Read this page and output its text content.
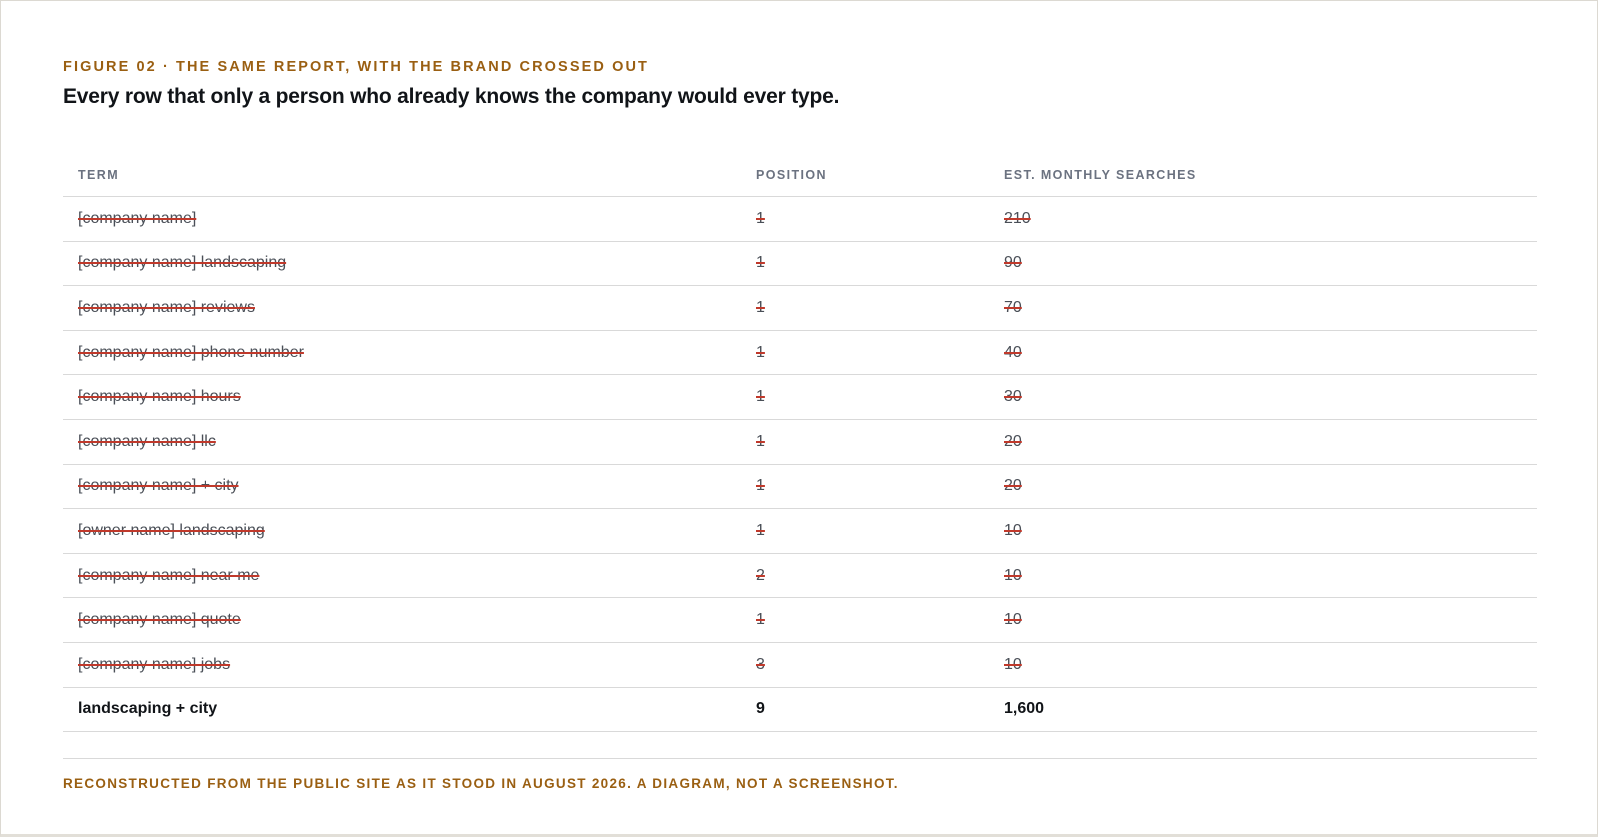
FIGURE 02 · THE SAME REPORT, WITH THE BRAND CROSSED OUT

Every row that only a person who already knows the company would ever type.
TERM	POSITION	EST. MONTHLY SEARCHES
[company name]	1	210
[company name] landscaping	1	90
[company name] reviews	1	70
[company name] phone number	1	40
[company name] hours	1	30
[company name] llc	1	20
[company name] + city	1	20
[owner name] landscaping	1	10
[company name] near me	2	10
[company name] quote	1	10
[company name] jobs	3	10
landscaping + city	9	1,600

RECONSTRUCTED FROM THE PUBLIC SITE AS IT STOOD IN AUGUST 2026. A DIAGRAM, NOT A SCREENSHOT.
